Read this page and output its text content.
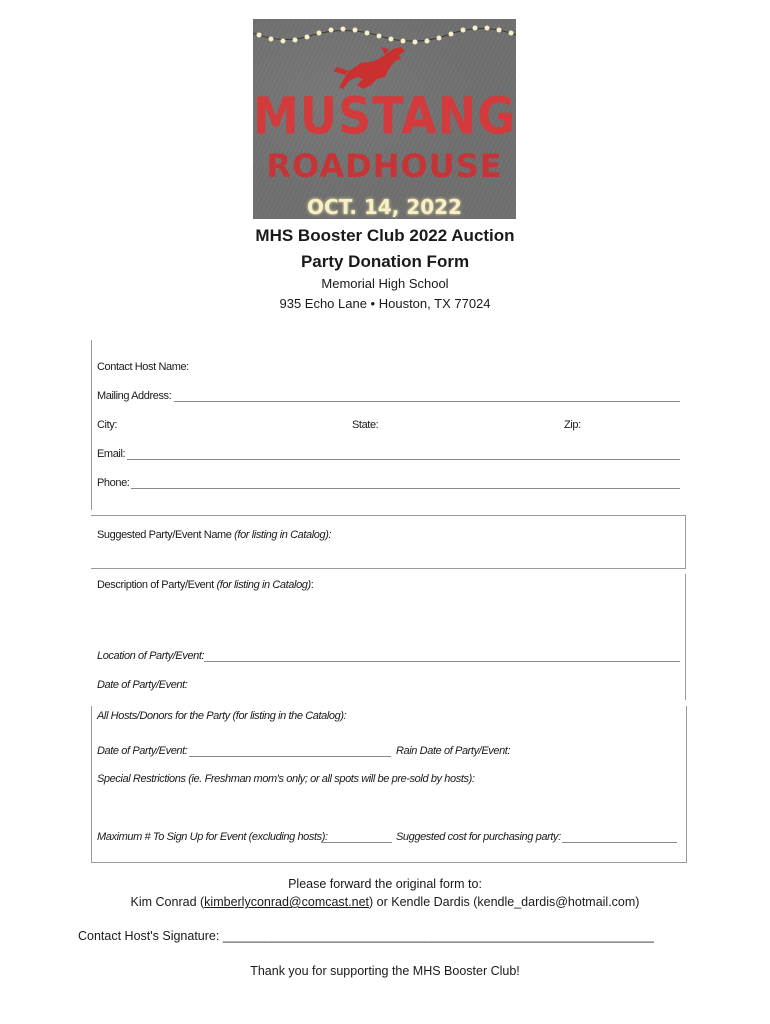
MUSTANG
ROADHOUSE
OCT. 14, 2022
MHS Booster Club 2022 Auction
Party Donation Form
Memorial High School
935 Echo Lane • Houston, TX 77024
Contact Host Name:
Mailing Address:
City:	State:	Zip:
Email:
Phone:
Suggested Party/Event Name (for listing in Catalog):
Description of Party/Event (for listing in Catalog):
Location of Party/Event:
Date of Party/Event:
All Hosts/Donors for the Party (for listing in the Catalog):
Date of Party/Event:	Rain Date of Party/Event:
Special Restrictions (ie. Freshman mom's only; or all spots will be pre-sold by hosts):
Maximum # To Sign Up for Event (excluding hosts):	Suggested cost for purchasing party:
Please forward the original form to:
Kim Conrad (kimberlyconrad@comcast.net) or Kendle Dardis (kendle_dardis@hotmail.com)
Contact Host's Signature: ______________________________________________________________
Thank you for supporting the MHS Booster Club!
